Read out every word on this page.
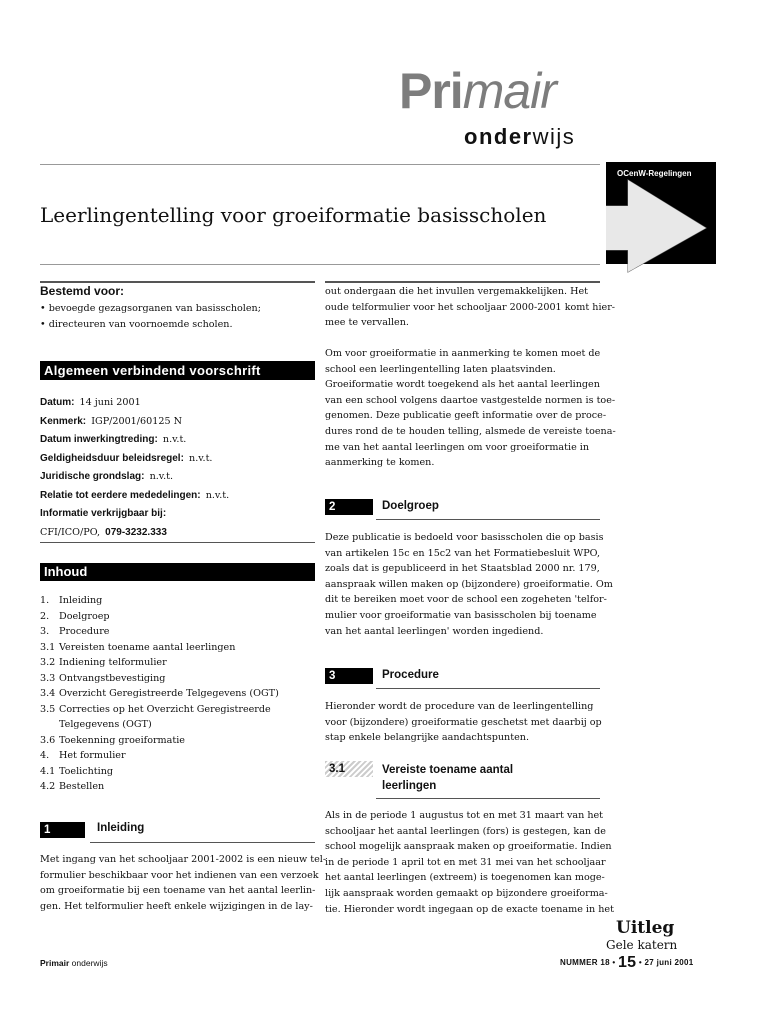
Primair
onderwijs
OCenW-Regelingen
Leerlingentelling voor groeiformatie basisscholen
Bestemd voor:
• bevoegde gezagsorganen van basisscholen;
• directeuren van voornoemde scholen.
Algemeen verbindend voorschrift
Datum: 14 juni 2001
Kenmerk: IGP/2001/60125 N
Datum inwerkingtreding: n.v.t.
Geldigheidsduur beleidsregel: n.v.t.
Juridische grondslag: n.v.t.
Relatie tot eerdere mededelingen: n.v.t.
Informatie verkrijgbaar bij:
CFI/ICO/PO, 079-3232.333
Inhoud
1. Inleiding
2. Doelgroep
3. Procedure
3.1 Vereisten toename aantal leerlingen
3.2 Indiening telformulier
3.3 Ontvangstbevestiging
3.4 Overzicht Geregistreerde Telgegevens (OGT)
3.5 Correcties op het Overzicht Geregistreerde
Telgegevens (OGT)
3.6 Toekenning groeiformatie
4. Het formulier
4.1 Toelichting
4.2 Bestellen
1	Inleiding
Met ingang van het schooljaar 2001-2002 is een nieuw tel-
formulier beschikbaar voor het indienen van een verzoek
om groeiformatie bij een toename van het aantal leerlin-
gen. Het telformulier heeft enkele wijzigingen in de lay-
out ondergaan die het invullen vergemakkelijken. Het
oude telformulier voor het schooljaar 2000-2001 komt hier-
mee te vervallen.
Om voor groeiformatie in aanmerking te komen moet de
school een leerlingentelling laten plaatsvinden.
Groeiformatie wordt toegekend als het aantal leerlingen
van een school volgens daartoe vastgestelde normen is toe-
genomen. Deze publicatie geeft informatie over de proce-
dures rond de te houden telling, alsmede de vereiste toena-
me van het aantal leerlingen om voor groeiformatie in
aanmerking te komen.
2	Doelgroep
Deze publicatie is bedoeld voor basisscholen die op basis
van artikelen 15c en 15c2 van het Formatiebesluit WPO,
zoals dat is gepubliceerd in het Staatsblad 2000 nr. 179,
aanspraak willen maken op (bijzondere) groeiformatie. Om
dit te bereiken moet voor de school een zogeheten 'telfor-
mulier voor groeiformatie van basisscholen bij toename
van het aantal leerlingen' worden ingediend.
3	Procedure
Hieronder wordt de procedure van de leerlingentelling
voor (bijzondere) groeiformatie geschetst met daarbij op
stap enkele belangrijke aandachtspunten.
3.1	Vereiste toename aantal
leerlingen
Als in de periode 1 augustus tot en met 31 maart van het
schooljaar het aantal leerlingen (fors) is gestegen, kan de
school mogelijk aanspraak maken op groeiformatie. Indien
in de periode 1 april tot en met 31 mei van het schooljaar
het aantal leerlingen (extreem) is toegenomen kan moge-
lijk aanspraak worden gemaakt op bijzondere groeiforma-
tie. Hieronder wordt ingegaan op de exacte toename in het
Uitleg
Gele katern
Primair onderwijs	NUMMER 18 • 15 • 27 juni 2001
